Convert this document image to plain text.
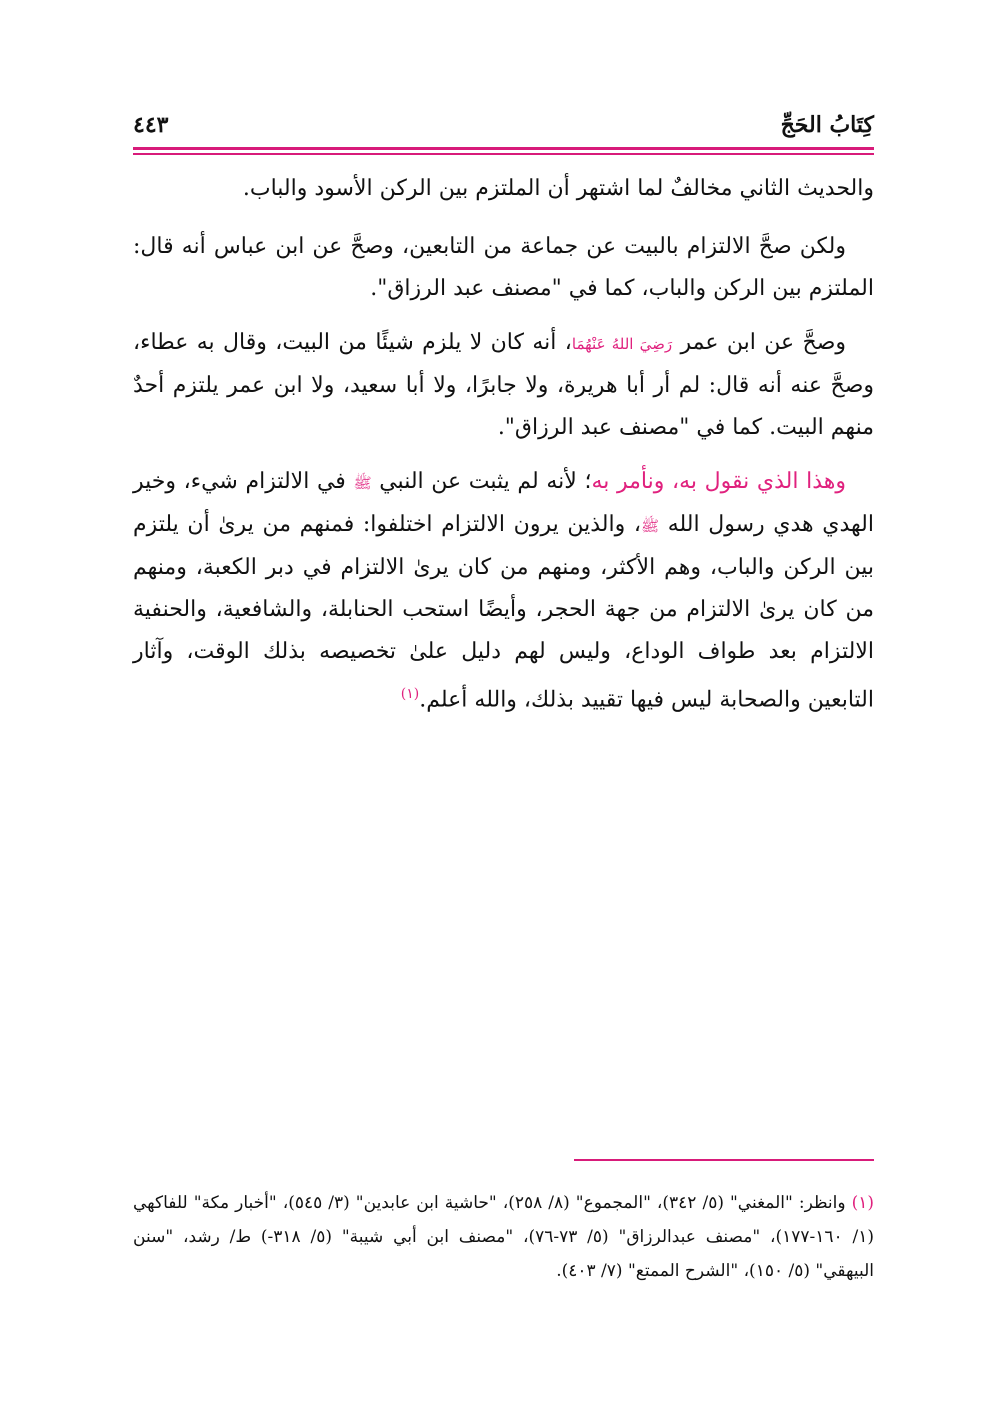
كِتَابُ الحَجِّ
٤٤٣

والحديث الثاني مخالفٌ لما اشتهر أن الملتزم بين الركن الأسود والباب.

ولكن صحَّ الالتزام بالبيت عن جماعة من التابعين، وصحَّ عن ابن عباس أنه قال: الملتزم بين الركن والباب، كما في "مصنف عبد الرزاق".

وصحَّ عن ابن عمر رَضِيَ اللهُ عَنْهُمَا، أنه كان لا يلزم شيئًا من البيت، وقال به عطاء، وصحَّ عنه أنه قال: لم أر أبا هريرة، ولا جابرًا، ولا أبا سعيد، ولا ابن عمر يلتزم أحدٌ منهم البيت. كما في "مصنف عبد الرزاق".

وهذا الذي نقول به، ونأمر به؛ لأنه لم يثبت عن النبي ﷺ في الالتزام شيء، وخير الهدي هدي رسول الله ﷺ، والذين يرون الالتزام اختلفوا: فمنهم من يرىٰ أن يلتزم بين الركن والباب، وهم الأكثر، ومنهم من كان يرىٰ الالتزام في دبر الكعبة، ومنهم من كان يرىٰ الالتزام من جهة الحجر، وأيضًا استحب الحنابلة، والشافعية، والحنفية الالتزام بعد طواف الوداع، وليس لهم دليل علىٰ تخصيصه بذلك الوقت، وآثار التابعين والصحابة ليس فيها تقييد بذلك، والله أعلم.$^{(١)}$

(١) وانظر: "المغني" (٥/ ٣٤٢)، "المجموع" (٨/ ٢٥٨)، "حاشية ابن عابدين" (٣/ ٥٤٥)، "أخبار مكة" للفاكهي (١/ ١٦٠-١٧٧)، "مصنف عبدالرزاق" (٥/ ٧٣-٧٦)، "مصنف ابن أبي شيبة" (٥/ ٣١٨-) ط/ رشد، "سنن البيهقي" (٥/ ١٥٠)، "الشرح الممتع" (٧/ ٤٠٣).
